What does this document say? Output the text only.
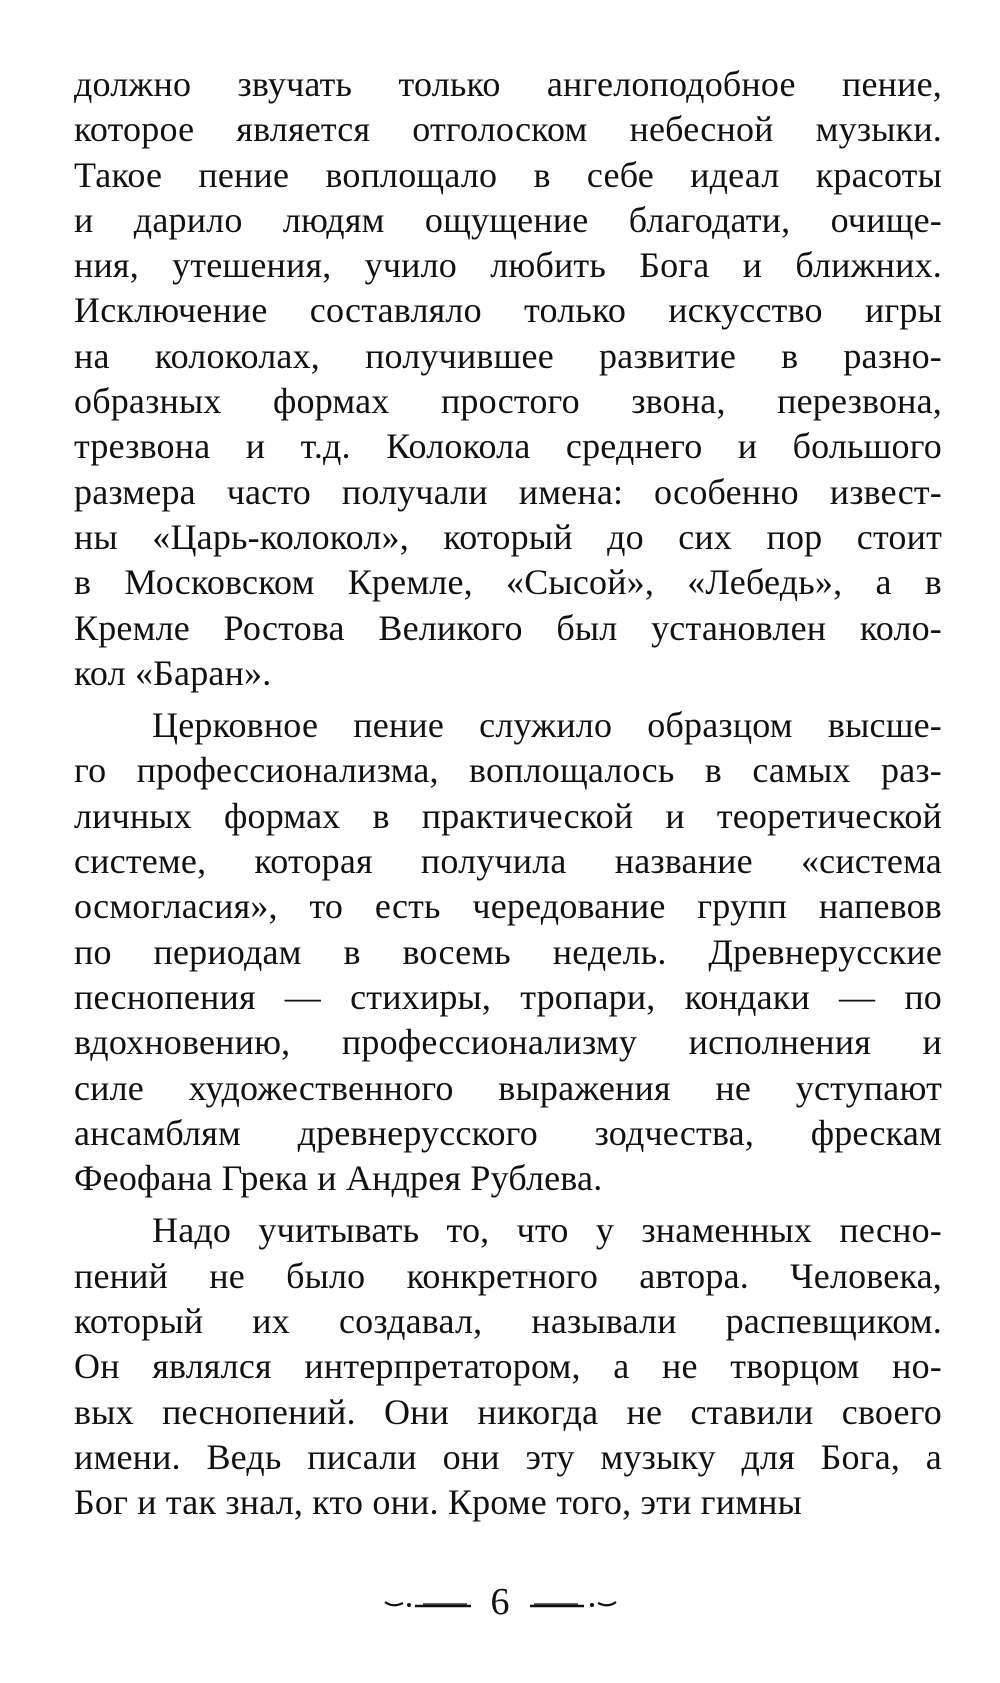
должно звучать только ангелоподобное пение,
которое является отголоском небесной музыки.
Такое пение воплощало в себе идеал красоты
и дарило людям ощущение благодати, очище-
ния, утешения, учило любить Бога и ближних.
Исключение составляло только искусство игры
на колоколах, получившее развитие в разно-
образных формах простого звона, перезвона,
трезвона и т.д. Колокола среднего и большого
размера часто получали имена: особенно извест-
ны «Царь-колокол», который до сих пор стоит
в Московском Кремле, «Сысой», «Лебедь», а в
Кремле Ростова Великого был установлен коло-
кол «Баран».
Церковное пение служило образцом высше-
го профессионализма, воплощалось в самых раз-
личных формах в практической и теоретической
системе, которая получила название «система
осмогласия», то есть чередование групп напевов
по периодам в восемь недель. Древнерусские
песнопения — стихиры, тропари, кондаки — по
вдохновению, профессионализму исполнения и
силе художественного выражения не уступают
ансамблям древнерусского зодчества, фрескам
Феофана Грека и Андрея Рублева.
Надо учитывать то, что у знаменных песно-
пений не было конкретного автора. Человека,
который их создавал, называли распевщиком.
Он являлся интерпретатором, а не творцом но-
вых песнопений. Они никогда не ставили своего
имени. Ведь писали они эту музыку для Бога, а
Бог и так знал, кто они. Кроме того, эти гимны
6
